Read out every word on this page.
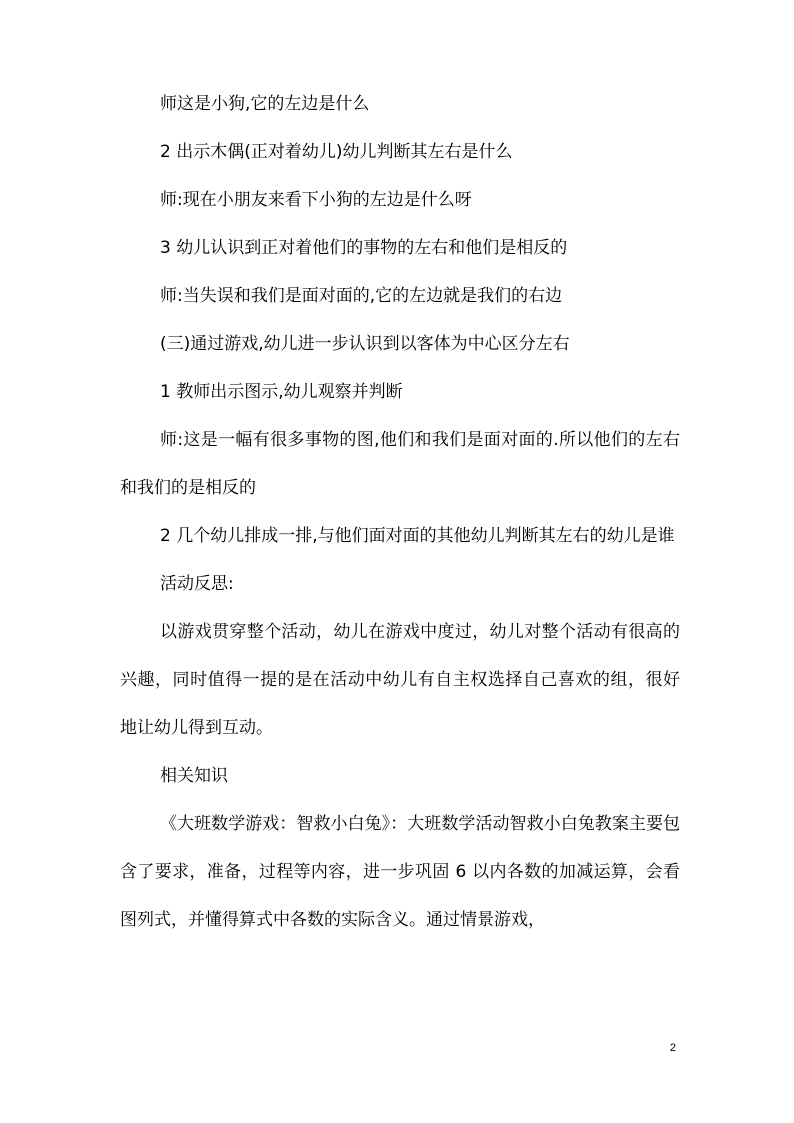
师这是小狗,它的左边是什么

2 出示木偶(正对着幼儿)幼儿判断其左右是什么

师:现在小朋友来看下小狗的左边是什么呀

3 幼儿认识到正对着他们的事物的左右和他们是相反的

师:当失误和我们是面对面的,它的左边就是我们的右边

(三)通过游戏,幼儿进一步认识到以客体为中心区分左右

1 教师出示图示,幼儿观察并判断

师:这是一幅有很多事物的图,他们和我们是面对面的.所以他们的左右和我们的是相反的

2 几个幼儿排成一排,与他们面对面的其他幼儿判断其左右的幼儿是谁

活动反思:

以游戏贯穿整个活动，幼儿在游戏中度过，幼儿对整个活动有很高的兴趣，同时值得一提的是在活动中幼儿有自主权选择自己喜欢的组，很好地让幼儿得到互动。

相关知识

《大班数学游戏：智救小白兔》：大班数学活动智救小白兔教案主要包含了要求，准备，过程等内容，进一步巩固 6 以内各数的加减运算，会看图列式，并懂得算式中各数的实际含义。通过情景游戏，

2
